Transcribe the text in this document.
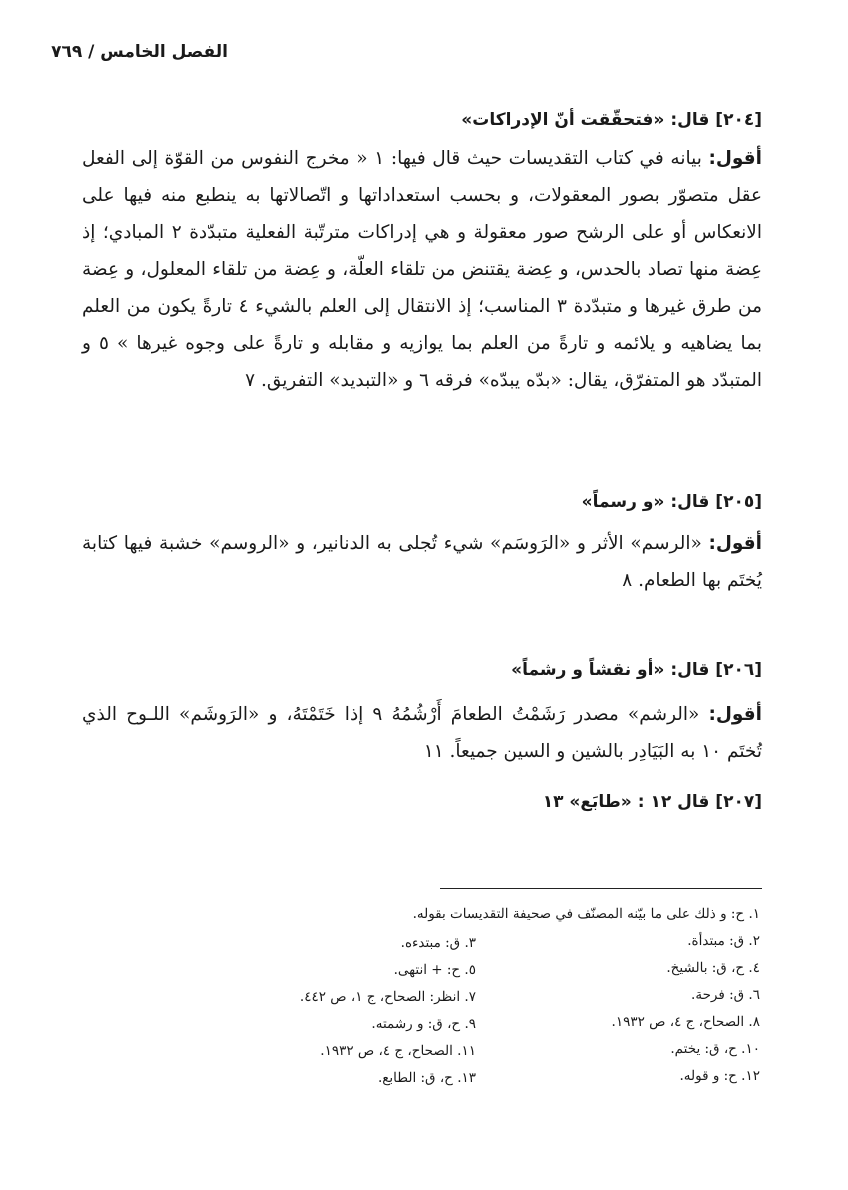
الفصل الخامس / ٧٦٩
[٢٠٤] قال: «فتحقّقت أنّ الإدراكات»
أقول: بيانه في كتاب التقديسات حيث قال فيها: ١ « مخرج النفوس من القوّة إلى الفعل عقل متصوّر بصور المعقولات، و بحسب استعداداتها و اتّصالاتها به ينطبع منه فيها على الانعكاس أو على الرشح صور معقولة و هي إدراكات مترتّبة الفعلية متبدّدة ٢ المبادي؛ إذ عِضة منها تصاد بالحدس، و عِضة يقتنض من تلقاء العلّة، و عِضة من تلقاء المعلول، و عِضة من طرق غيرها و متبدّدة ٣ المناسب؛ إذ الانتقال إلى العلم بالشيء ٤ تارةً يكون من العلم بما يضاهيه و يلائمه و تارةً من العلم بما يوازيه و مقابله و تارةً على وجوه غيرها » ٥ و المتبدّد هو المتفرّق، يقال: «بدّه يبدّه» فرقه ٦ و «التبديد» التفريق. ٧
[٢٠٥] قال: «و رسماً»
أقول: «الرسم» الأثر و «الرَوسَم» شيء تُجلى به الدنانير، و «الروسم» خشبة فيها كتابة يُختَم بها الطعام. ٨
[٢٠٦] قال: «أو نقشاً و رشماً»
أقول: «الرشم» مصدر رَشَمْتُ الطعامَ أَرْشُمُهُ ٩ إذا خَتَمْتَهُ، و «الرَوشَم» اللـوح الذي تُختَم ١٠ به البَيَادِر بالشين و السين جميعاً. ١١
[٢٠٧] قال ١٢ : «طابَع» ١٣
١. ح: و ذلك على ما بيّنه المصنّف في صحيفة التقديسات بقوله.
٢. ق: مبتدأة.
٣. ق: مبتدءه.
٤. ح، ق: بالشيخ.
٥. ح: + انتهى.
٦. ق: فرحة.
٧. انظر: الصحاح، ج ١، ص ٤٤٢.
٨. الصحاح، ج ٤، ص ١٩٣٢.
٩. ح، ق: و رشمته.
١٠. ح، ق: يختم.
١١. الصحاح، ج ٤، ص ١٩٣٢.
١٢. ح: و قوله.
١٣. ح، ق: الطابع.
